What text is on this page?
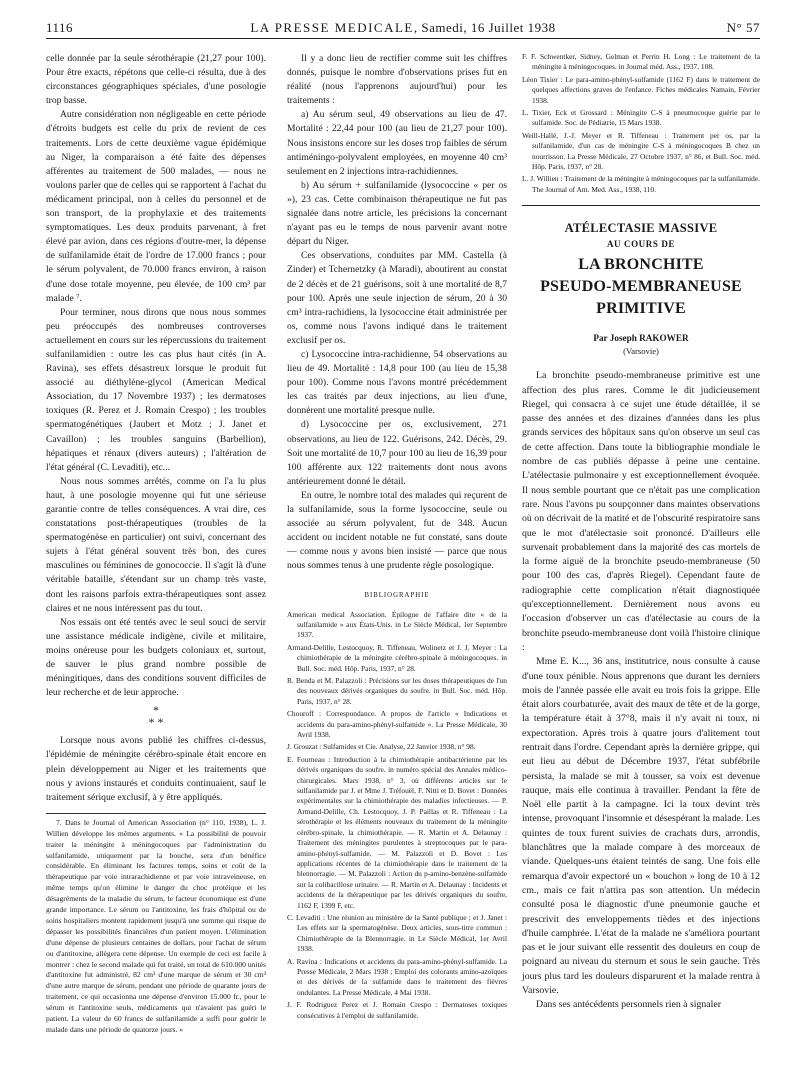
1116	LA PRESSE MEDICALE, Samedi, 16 Juillet 1938	N° 57

celle donnée par la seule sérothérapie (21,27 pour 100). Pour être exacts, répétons que celle-ci résulta, due à des circonstances géographiques spéciales, d'une posologie trop basse.

Autre considération non négligeable en cette période d'étroits budgets est celle du prix de revient de ces traitements. Lors de cette deuxième vague épidémique au Niger, la comparaison a été faite des dépenses afférentes au traitement de 500 malades, — nous ne voulons parler que de celles qui se rapportent à l'achat du médicament principal, non à celles du personnel et de son transport, de la prophylaxie et des traitements symptomatiques. Les deux produits parvenant, à fret élevé par avion, dans ces régions d'outre-mer, la dépense de sulfanilamide était de l'ordre de 17.000 francs ; pour le sérum polyvalent, de 70.000 francs environ, à raison d'une dose totale moyenne, peu élevée, de 100 cm³ par malade ⁷.

Pour terminer, nous dirons que nous nous sommes peu préoccupés des nombreuses controverses actuellement en cours sur les répercussions du traitement sulfanilamidien : outre les cas plus haut cités (in A. Ravina), ses effets désastreux lorsque le produit fut associé au diéthylène-glycol (American Medical Association, du 17 Novembre 1937) ; les dermatoses toxiques (R. Perez et J. Romain Crespo) ; les troubles spermatogénétiques (Jaubert et Motz ; J. Janet et Cavaillon) ; les troubles sanguins (Barbellion), hépatiques et rénaux (divers auteurs) ; l'altération de l'état général (C. Levaditi), etc...

Nous nous sommes arrêtés, comme on l'a lu plus haut, à une posologie moyenne qui fut une sérieuse garantie contre de telles conséquences. A vrai dire, ces constatations post-thérapeutiques (troubles de la spermatogénèse en particulier) ont suivi, concernant des sujets à l'état général souvent très bon, des cures masculines ou féminines de gonococcie. Il s'agit là d'une véritable bataille, s'étendant sur un champ très vaste, dont les raisons parfois extra-thérapeutiques sont assez claires et ne nous intéressent pas du tout.

Nos essais ont été tentés avec le seul souci de servir une assistance médicale indigène, civile et militaire, moins onéreuse pour les budgets coloniaux et, surtout, de sauver le plus grand nombre possible de méningitiques, dans des conditions souvent difficiles de leur recherche et de leur approche.

*
* *

Lorsque nous avons publié les chiffres ci-dessus, l'épidémie de méningite cérébro-spinale était encore en plein développement au Niger et les traitements que nous y avions instaurés et conduits continuaient, sauf le traitement sérique exclusif, à y être appliqués.

7. Dans le Journal of American Association (n° 110, 1938), L. J. Willien développe les mêmes arguments. « La possibilité de pouvoir traiter la méningite à méningocoques par l'administration du sulfanilamide, uniquement par la bouche, sera d'un bénéfice considérable. En éliminant les factures temps, soins et coût de la thérapeutique par voie intrarachidienne et par voie intraveineuse, en même temps qu'on élimine le danger du choc protéique et les désagréments de la maladie du sérum, le facteur économique est d'une grande importance. Le sérum ou l'antitoxine, les frais d'hôpital ou de soins hospitaliers montent rapidement jusqu'à une somme qui risque de dépasser les possibilités financières d'un patient moyen. L'élimination d'une dépense de plusieurs centaines de dollars, pour l'achat de sérum ou d'antitoxine, allègera cette dépense. Un exemple de ceci est facile à montrer : chez le second malade qui fut traité, un total de 610.000 unités d'antitoxine fut administré, 82 cm³ d'une marque de sérum et 30 cm³ d'une autre marque de sérum, pendant une période de quarante jours de traitement, ce qui occasionna une dépense d'environ 15.000 fr., pour le sérum et l'antitoxine seuls, médicaments qui n'avaient pas guéri le patient. La valeur de 60 francs de sulfanilamide a suffi pour guérir le malade dans une période de quatorze jours. »

Il y a donc lieu de rectifier comme suit les chiffres donnés, puisque le nombre d'observations prises fut en réalité (nous l'apprenons aujourd'hui) pour les traitements :

a) Au sérum seul, 49 observations au lieu de 47. Mortalité : 22,44 pour 100 (au lieu de 21,27 pour 100). Nous insistons encore sur les doses trop faibles de sérum antiméningo-polyvalent employées, en moyenne 40 cm³ seulement en 2 injections intra-rachidiennes.

b) Au sérum + sulfanilamide (lysococcine « per os »), 23 cas. Cette combinaison thérapeutique ne fut pas signalée dans notre article, les précisions la concernant n'ayant pas eu le temps de nous parvenir avant notre départ du Niger.

Ces observations, conduites par MM. Castella (à Zinder) et Tchernetzky (à Maradi), aboutirent au constat de 2 décès et de 21 guérisons, soit à une mortalité de 8,7 pour 100. Après une seule injection de sérum, 20 à 30 cm³ intra-rachidiens, la lysococcine était administrée per os, comme nous l'avons indiqué dans le traitement exclusif per os.

c) Lysococcine intra-rachidienne, 54 observations au lieu de 49. Mortalité : 14,8 pour 100 (au lieu de 15,38 pour 100). Comme nous l'avons montré précédemment les cas traités par deux injections, au lieu d'une, donnèrent une mortalité presque nulle.

d) Lysococcine per os, exclusivement, 271 observations, au lieu de 122. Guérisons, 242. Décès, 29. Soit une mortalité de 10,7 pour 100 au lieu de 16,39 pour 100 afférente aux 122 traitements dont nous avons antérieurement donné le détail.

En outre, le nombre total des malades qui reçurent de la sulfanilamide, sous la forme lysococcine, seule ou associée au sérum polyvalent, fut de 348. Aucun accident ou incident notable ne fut constaté, sans doute — comme nous y avons bien insisté — parce que nous nous sommes tenus à une prudente règle posologique.

BIBLIOGRAPHIE

American medical Association. Épilogue de l'affaire dite « de la sulfanilamide » aux États-Unis. in Le Siècle Médical, 1er Septembre 1937.

Armand-Delille, Lestocquoy, R. Tiffeneau, Wolinetz et J. J. Meyer : La chimiothérapie de la méningite cérébro-spinale à méningocoques. in Bull. Soc. méd. Hôp. Paris, 1937, n° 28.

R. Benda et M. Palazzoli : Précisions sur les doses thérapeutiques de l'un des nouveaux dérivés organiques du soufre. in Bull. Soc. méd. Hôp. Paris, 1937, n° 28.

Chouroff : Correspondance. A propos de l'article « Indications et accidents du para-amino-phényl-sulfamide ». La Presse Médicale, 30 Avril 1938.

J. Grouzat : Sulfamides et Cie. Analyse, 22 Janvier 1938, n° 98.

E. Fourneau : Introduction à la chimiothérapie antibactérienne par les dérivés organiques du soufre. in numéro spécial des Annales médico-chirurgicales. Mars 1938, n° 3, où différents articles sur le sulfanilamide par J. et Mme J. Tréfouël, F. Nitti et D. Bovet : Données expérimentales sur la chimiothérapie des maladies infectieuses. — P. Armand-Delille, Ch. Lestocquoy, J. P. Paillas et R. Tiffeneau : La sérothérapie et les éléments nouveaux du traitement de la méningite cérébro-spinale, la chimiothérapie. — R. Martin et A. Delaunay : Traitement des méningites purulentes à streptocoques par le para-amino-phényl-sulfamide. — M. Palazzoli et D. Bovet : Les applications récentes de la chimiothérapie dans le traitement de la blennorragie. — M. Palazzoli : Action du p-amino-benzène-sulfamide sur la colibacillose urinaire. — R. Martin et A. Delaunay : Incidents et accidents de la thérapeutique par les dérivés organiques du soufre, 1162 F, 1399 F, etc.

C. Levaditi : Une réunion au ministère de la Santé publique ; et J. Janet : Les effets sur la spermatogénèse. Deux articles, sous-titre commun : Chimiothérapie de la Blennorragie. in Le Siècle Médical, 1er Avril 1938.

A. Ravina : Indications et accidents du para-amino-phényl-sulfamide. La Presse Médicale, 2 Mars 1938 ; Emploi des colorants amino-azoïques et des dérivés de la sulfamide dans le traitement des fièvres ondulantes. La Presse Médicale, 4 Mai 1938.

J. F. Rodriguez Perez et J. Romain Crespo : Dermatoses toxiques consécutives à l'emploi de sulfanilamide.

F. F. Schwentker, Sidney, Gelman et Perrin H. Long : Le traitement de la méningite à méningocoques. in Journal méd. Ass., 1937, 108.

Léon Tixier : Le para-amino-phényl-sulfamide (1162 F) dans le traitement de quelques affections graves de l'enfance. Fiches médicales Namain, Février 1938.

L. Tixier, Eck et Grossard : Méningite C-S à pneumocoque guérie par le sulfamide. Soc. de Pédiatrie, 15 Mars 1938.

Weill-Hallé, J.-J. Meyer et R. Tiffeneau : Traitement per os, par la sulfanilamide, d'un cas de méningite C-S à méningocoques B chez un nourrisson. La Presse Médicale, 27 Octobre 1937, n° 86, et Bull. Soc. méd. Hôp. Paris, 1937, n° 28.

L. J. Willien : Traitement de la méningite à méningocoques par la sulfanilamide. The Journal of Am. Med. Ass., 1938, 110.

ATÉLECTASIE MASSIVE
AU COURS DE
LA BRONCHITE
PSEUDO-MEMBRANEUSE
PRIMITIVE
Par Joseph RAKOWER
(Varsovie)

La bronchite pseudo-membraneuse primitive est une affection des plus rares. Comme le dit judicieusement Riegel, qui consacra à ce sujet une étude détaillée, il se passe des années et des dizaines d'années dans les plus grands services des hôpitaux sans qu'on observe un seul cas de cette affection. Dans toute la bibliographie mondiale le nombre de cas publiés dépasse à peine une centaine. L'atélectasie pulmonaire y est exceptionnellement évoquée. Il nous semble pourtant que ce n'était pas une complication rare. Nous l'avons pu soupçonner dans maintes observations où on décrivait de la matité et de l'obscurité respiratoire sans que le mot d'atélectasie soit prononcé. D'ailleurs elle survenait probablement dans la majorité des cas mortels de la forme aiguë de la bronchite pseudo-membraneuse (50 pour 100 des cas, d'après Riegel). Cependant faute de radiographie cette complication n'était diagnostiquée qu'exceptionnellement. Dernièrement nous avons eu l'occasion d'observer un cas d'atélectasie au cours de la bronchite pseudo-membraneuse dont voilà l'histoire clinique :

Mme E. K..., 36 ans, institutrice, nous consulte à cause d'une toux pénible. Nous apprenons que durant les derniers mois de l'année passée elle avait eu trois fois la grippe. Elle était alors courbaturée, avait des maux de tête et de la gorge, la température était à 37°8, mais il n'y avait ni toux, ni expectoration. Après trois à quatre jours d'alitement tout rentrait dans l'ordre. Cependant après la dernière grippe, qui eut lieu au début de Décembre 1937, l'état subfébrile persista, la malade se mit à tousser, sa voix est devenue rauque, mais elle continua à travailler. Pendant la fête de Noël elle partit à la campagne. Ici la toux devint très intense, provoquant l'insomnie et désespérant la malade. Les quintes de toux furent suivies de crachats durs, arrondis, blanchâtres que la malade compare à des morceaux de viande. Quelques-uns étaient teintés de sang. Une fois elle remarqua d'avoir expectoré un « bouchon » long de 10 à 12 cm., mais ce fait n'attira pas son attention. Un médecin consulté posa le diagnostic d'une pneumonie gauche et prescrivit des enveloppements tièdes et des injections d'huile camphrée. L'état de la malade ne s'améliora pourtant pas et le jour suivant elle ressentit des douleurs en coup de poignard au niveau du sternum et sous le sein gauche. Très jours plus tard les douleurs disparurent et la malade rentra à Varsovie.

Dans ses antécédents personnels rien à signaler
